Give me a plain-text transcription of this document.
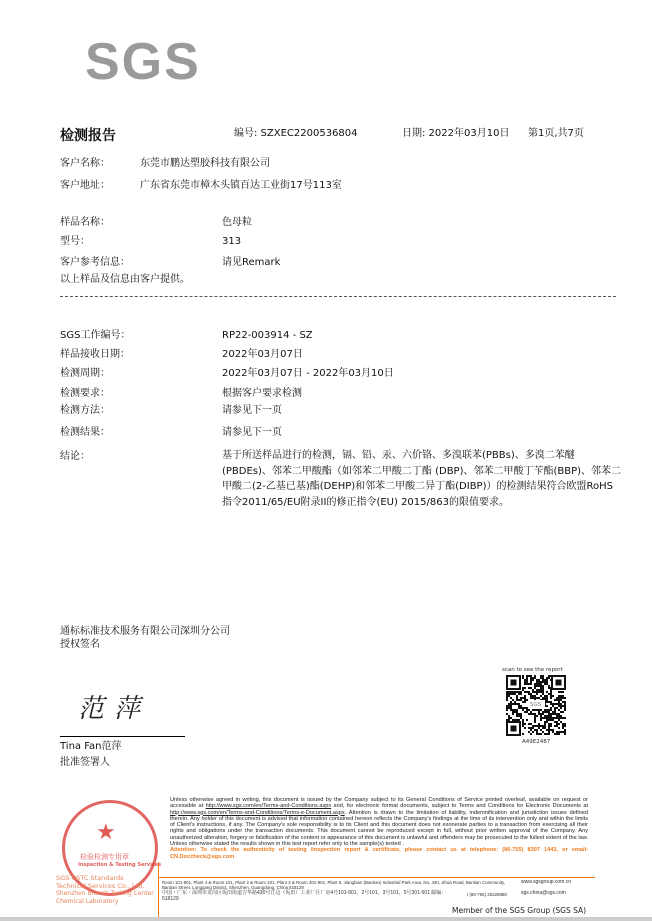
SGS
检测报告	编号: SZXEC2200536804	日期: 2022年03月10日 第1页,共7页
客户名称：	东莞市鹏达塑胶科技有限公司
客户地址：	广东省东莞市樟木头镇百达工业街17号113室
样品名称：	色母粒
型号：	313
客户参考信息：	请见Remark
以上样品及信息由客户提供。
SGS工作编号：	RP22-003914 - SZ
样品接收日期：	2022年03月07日
检测周期：	2022年03月07日 - 2022年03月10日
检测要求：	根据客户要求检测
检测方法：	请参见下一页
检测结果：	请参见下一页
结论：	基于所送样品进行的检测，镉、铅、汞、六价铬、多溴联苯(PBBs)、多溴二苯醚(PBDEs)、邻苯二甲酸酯（如邻苯二甲酸二丁酯 (DBP)、邻苯二甲酸丁苄酯(BBP)、邻苯二甲酸二(2-乙基已基)酯(DEHP)和邻苯二甲酸二异丁酯(DIBP)）的检测结果符合欧盟RoHS指令2011/65/EU附录II的修正指令(EU) 2015/863的限值要求。
通标标准技术服务有限公司深圳分公司
授权签名
范萍
Tina Fan范萍
批准签署人
scan to see the report
SGS
A49E2487
Unless otherwise agreed in writing, this document is issued by the Company subject to its General Conditions of Service printed overleaf, available on request or accessible at http://www.sgs.com/en/Terms-and-Conditions.aspx and, for electronic format documents, subject to Terms and Conditions for Electronic Documents at http://www.sgs.com/en/Terms-and-Conditions/Terms-e-Document.aspx. Attention is drawn to the limitation of liability, indemnification and jurisdiction issues defined therein. Any holder of this document is advised that information contained hereon reflects the Company's findings at the time of its intervention only and within the limits of Client's instructions, if any. The Company's sole responsibility is to its Client and this document does not exonerate parties to a transaction from exercising all their rights and obligations under the transaction documents. This document cannot be reproduced except in full, without prior written approval of the Company. Any unauthorized alteration, forgery or falsification of the content or appearance of this document is unlawful and offenders may be prosecuted to the fullest extent of the law. Unless otherwise stated the results shown in this test report refer only to the sample(s) tested .
Attention: To check the authenticity of testing /inspection report & certificate, please contact us at telephone: (86-755) 8307 1443, or email: CN.Doccheck@sgs.com
★
检验检测专用章
Inspection & Testing Services
SGS-CSTC Standards Technical Services Co., Ltd.
Shenzhen Branch Testing Center Chemical Laboratory
Room 101-901, Plant 4 & Room 101, Plant 2 & Room 101, Plant 3 & Room 301-901, Plant 5, Jiangbian (Bantian) Industrial Park Area, No. 430, Jihua Road, Bantian Community, Bantian Street, Longgang District, Shenzhen, Guangdong, China 518129
中国・广东・深圳市龙岗区坂田街道吉华路430号江边（坂田）工业厂区厂房4号101-901，2号101，3号101，5号301-501 邮编：518129
t (86-755) 25328888
www.sgsgroup.com.cn
sgs.china@sgs.com
Member of the SGS Group (SGS SA)
